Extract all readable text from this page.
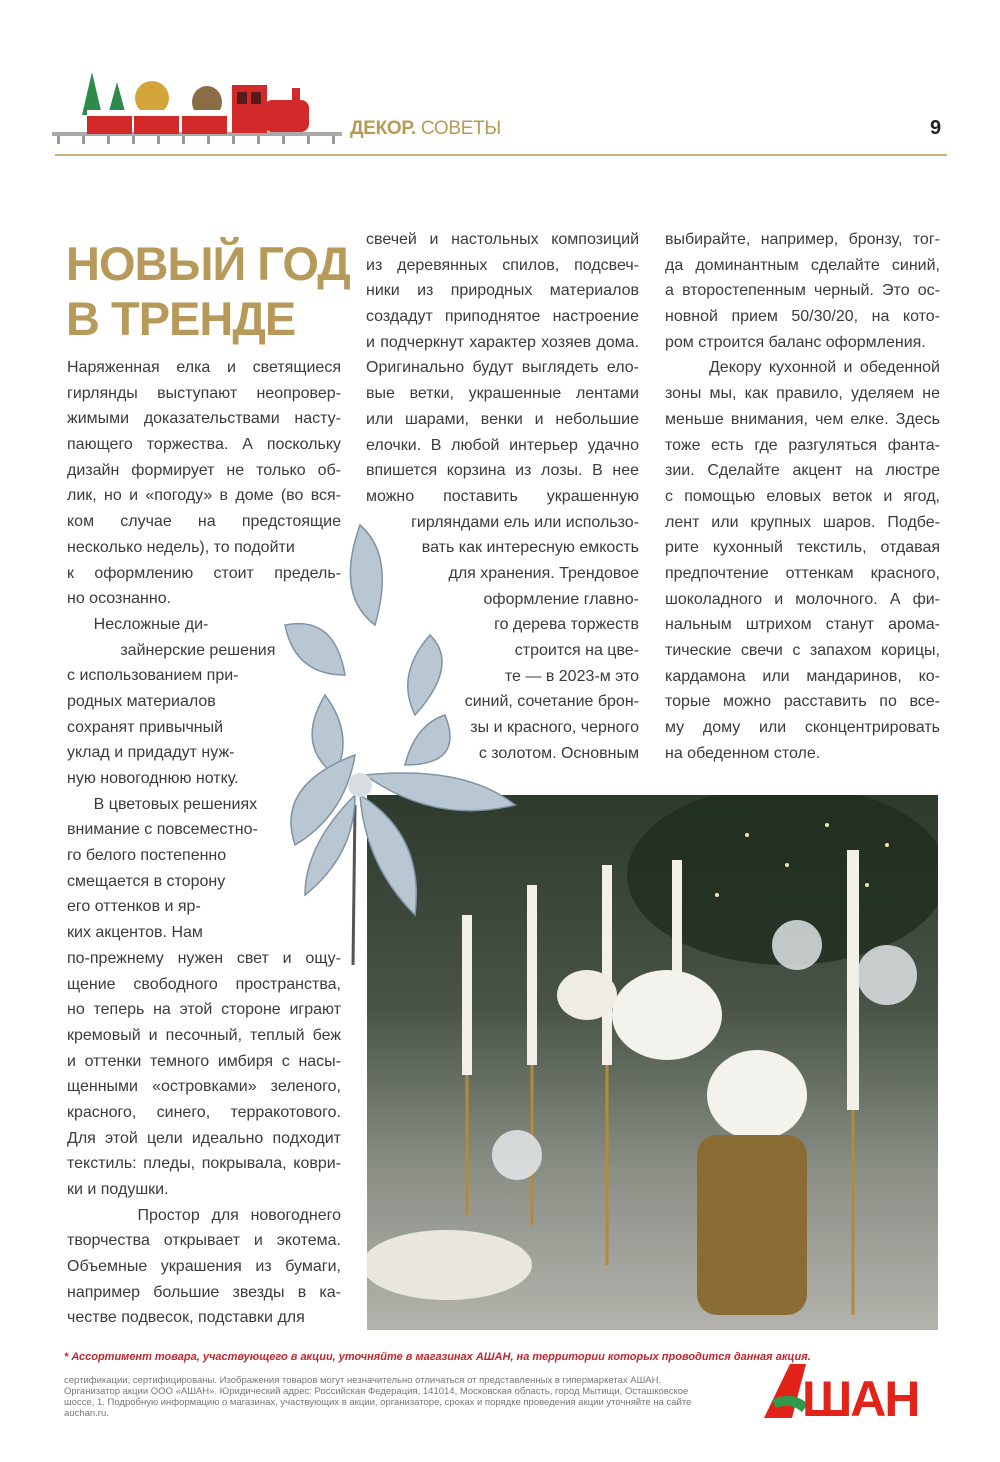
ДЕКОР. СОВЕТЫ	9
НОВЫЙ ГОД
В ТРЕНДЕ
Наряженная елка и светящиеся
гирлянды выступают неопровер-
жимыми доказательствами насту-
пающего торжества. А поскольку
дизайн формирует не только об-
лик, но и «погоду» в доме (во вся-
ком случае на предстоящие
несколько недель), то подойти
к оформлению стоит предель-
но осознанно.
Несложные ди-
зайнерские решения
с использованием при-
родных материалов
сохранят привычный
уклад и придадут нуж-
ную новогоднюю нотку.
В цветовых решениях
внимание с повсеместно-
го белого постепенно
смещается в сторону
его оттенков и яр-
ких акцентов. Нам
по-прежнему нужен свет и ощу-
щение свободного пространства,
но теперь на этой стороне играют
кремовый и песочный, теплый беж
и оттенки темного имбиря с насы-
щенными «островками» зеленого,
красного, синего, терракотового.
Для этой цели идеально подходит
текстиль: пледы, покрывала, коври-
ки и подушки.
Простор для новогоднего
творчества открывает и экотема.
Объемные украшения из бумаги,
например большие звезды в ка-
честве подвесок, подставки для
свечей и настольных композиций
из деревянных спилов, подсвеч-
ники из природных материалов
создадут приподнятое настроение
и подчеркнут характер хозяев дома.
Оригинально будут выглядеть ело-
вые ветки, украшенные лентами
или шарами, венки и небольшие
елочки. В любой интерьер удачно
впишется корзина из лозы. В нее
можно поставить украшенную
гирляндами ель или использо-
вать как интересную емкость
для хранения. Трендовое
оформление главно-
го дерева торжеств
строится на цве-
те — в 2023-м это
синий, сочетание брон-
зы и красного, черного
с золотом. Основным
выбирайте, например, бронзу, тог-
да доминантным сделайте синий,
а второстепенным черный. Это ос-
новной прием 50/30/20, на кото-
ром строится баланс оформления.
Декору кухонной и обеденной
зоны мы, как правило, уделяем не
меньше внимания, чем елке. Здесь
тоже есть где разгуляться фанта-
зии. Сделайте акцент на люстре
с помощью еловых веток и ягод,
лент или крупных шаров. Подбе-
рите кухонный текстиль, отдавая
предпочтение оттенкам красного,
шоколадного и молочного. А фи-
нальным штрихом станут арома-
тические свечи с запахом корицы,
кардамона или мандаринов, ко-
торые можно расставить по все-
му дому или сконцентрировать
на обеденном столе.
* Ассортимент товара, участвующего в акции, уточняйте в магазинах АШАН, на территории которых проводится данная акция.
сертификации, сертифицированы. Изображения товаров могут незначительно отличаться от представленных в гипермаркетах АШАН. Организатор акции ООО «АШАН». Юридический адрес: Российская Федерация, 141014, Московская область, город Мытищи, Осташковское шоссе, 1. Подробную информацию о магазинах, участвующих в акции, организаторе, сроках и порядке проведения акции уточняйте на сайте auchan.ru.	ШАН
